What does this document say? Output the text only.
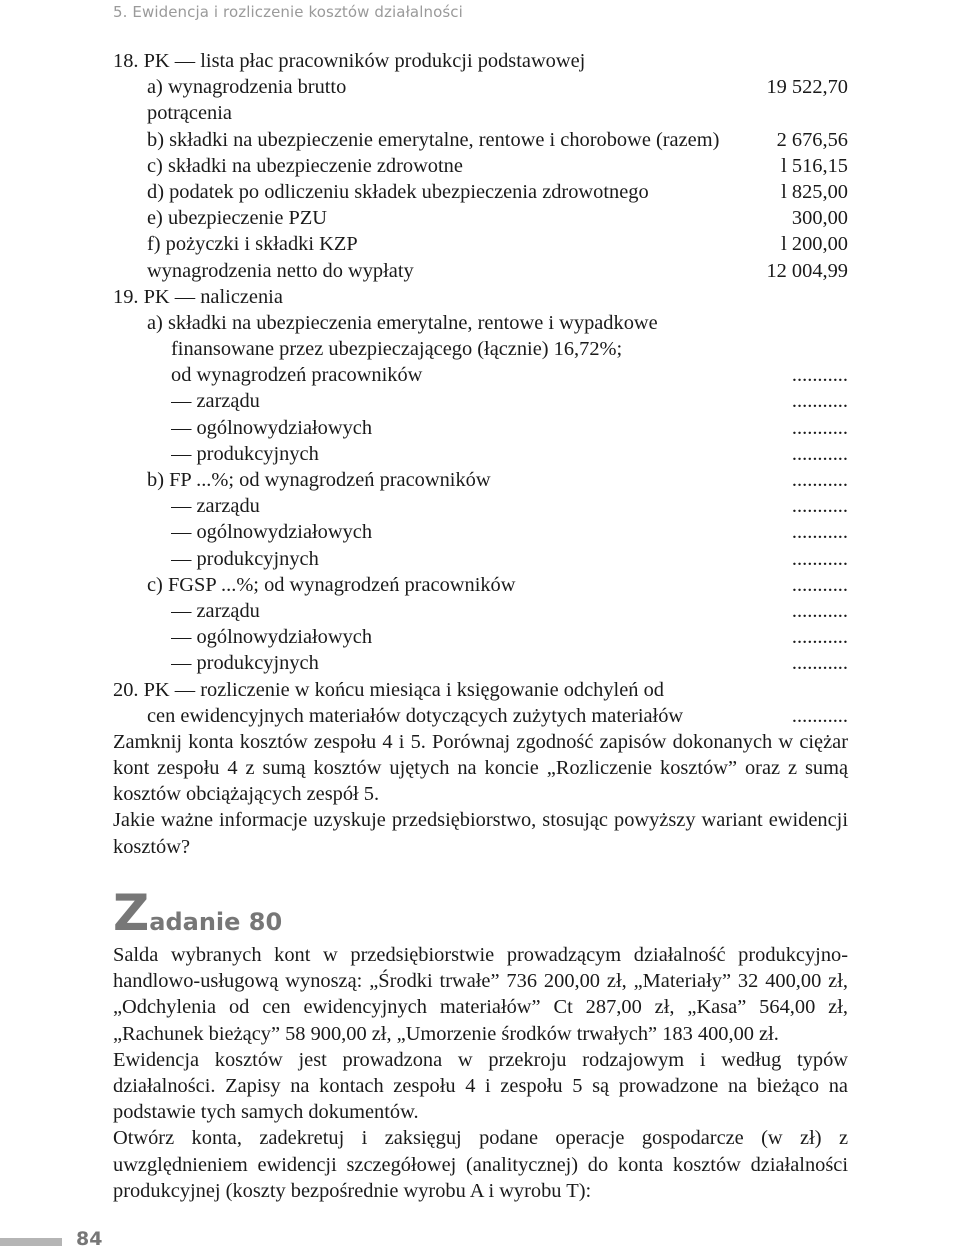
5. Ewidencja i rozliczenie kosztów działalności
18. PK — lista płac pracowników produkcji podstawowej
a) wynagrodzenia brutto	19 522,70
potrącenia
b) składki na ubezpieczenie emerytalne, rentowe i chorobowe (razem)	2 676,56
c) składki na ubezpieczenie zdrowotne	l 516,15
d) podatek po odliczeniu składek ubezpieczenia zdrowotnego	l 825,00
e) ubezpieczenie PZU	300,00
f) pożyczki i składki KZP	l 200,00
wynagrodzenia netto do wypłaty	12 004,99
19. PK — naliczenia
a) składki na ubezpieczenia emerytalne, rentowe i wypadkowe
finansowane przez ubezpieczającego (łącznie) 16,72%;
od wynagrodzeń pracowników	...........
— zarządu	...........
— ogólnowydziałowych	...........
— produkcyjnych	...........
b) FP ...%; od wynagrodzeń pracowników	...........
— zarządu	...........
— ogólnowydziałowych	...........
— produkcyjnych	...........
c) FGSP ...%; od wynagrodzeń pracowników	...........
— zarządu	...........
— ogólnowydziałowych	...........
— produkcyjnych	...........
20. PK — rozliczenie w końcu miesiąca i księgowanie odchyleń od
cen ewidencyjnych materiałów dotyczących zużytych materiałów	...........

Zamknij konta kosztów zespołu 4 i 5. Porównaj zgodność zapisów dokonanych w ciężar kont zespołu 4 z sumą kosztów ujętych na koncie „Rozliczenie kosztów” oraz z sumą kosztów obciążających zespół 5.

Jakie ważne informacje uzyskuje przedsiębiorstwo, stosując powyższy wariant ewidencji kosztów?

Zadanie 80

Salda wybranych kont w przedsiębiorstwie prowadzącym działalność produkcyjno-handlowo-usługową wynoszą: „Środki trwałe” 736 200,00 zł, „Materiały” 32 400,00 zł, „Odchylenia od cen ewidencyjnych materiałów” Ct 287,00 zł, „Kasa” 564,00 zł, „Rachunek bieżący” 58 900,00 zł, „Umorzenie środków trwałych” 183 400,00 zł.

Ewidencja kosztów jest prowadzona w przekroju rodzajowym i według typów działalności. Zapisy na kontach zespołu 4 i zespołu 5 są prowadzone na bieżąco na podstawie tych samych dokumentów.

Otwórz konta, zadekretuj i zaksięguj podane operacje gospodarcze (w zł) z uwzględnieniem ewidencji szczegółowej (analitycznej) do konta kosztów działalności produkcyjnej (koszty bezpośrednie wyrobu A i wyrobu T):

84
